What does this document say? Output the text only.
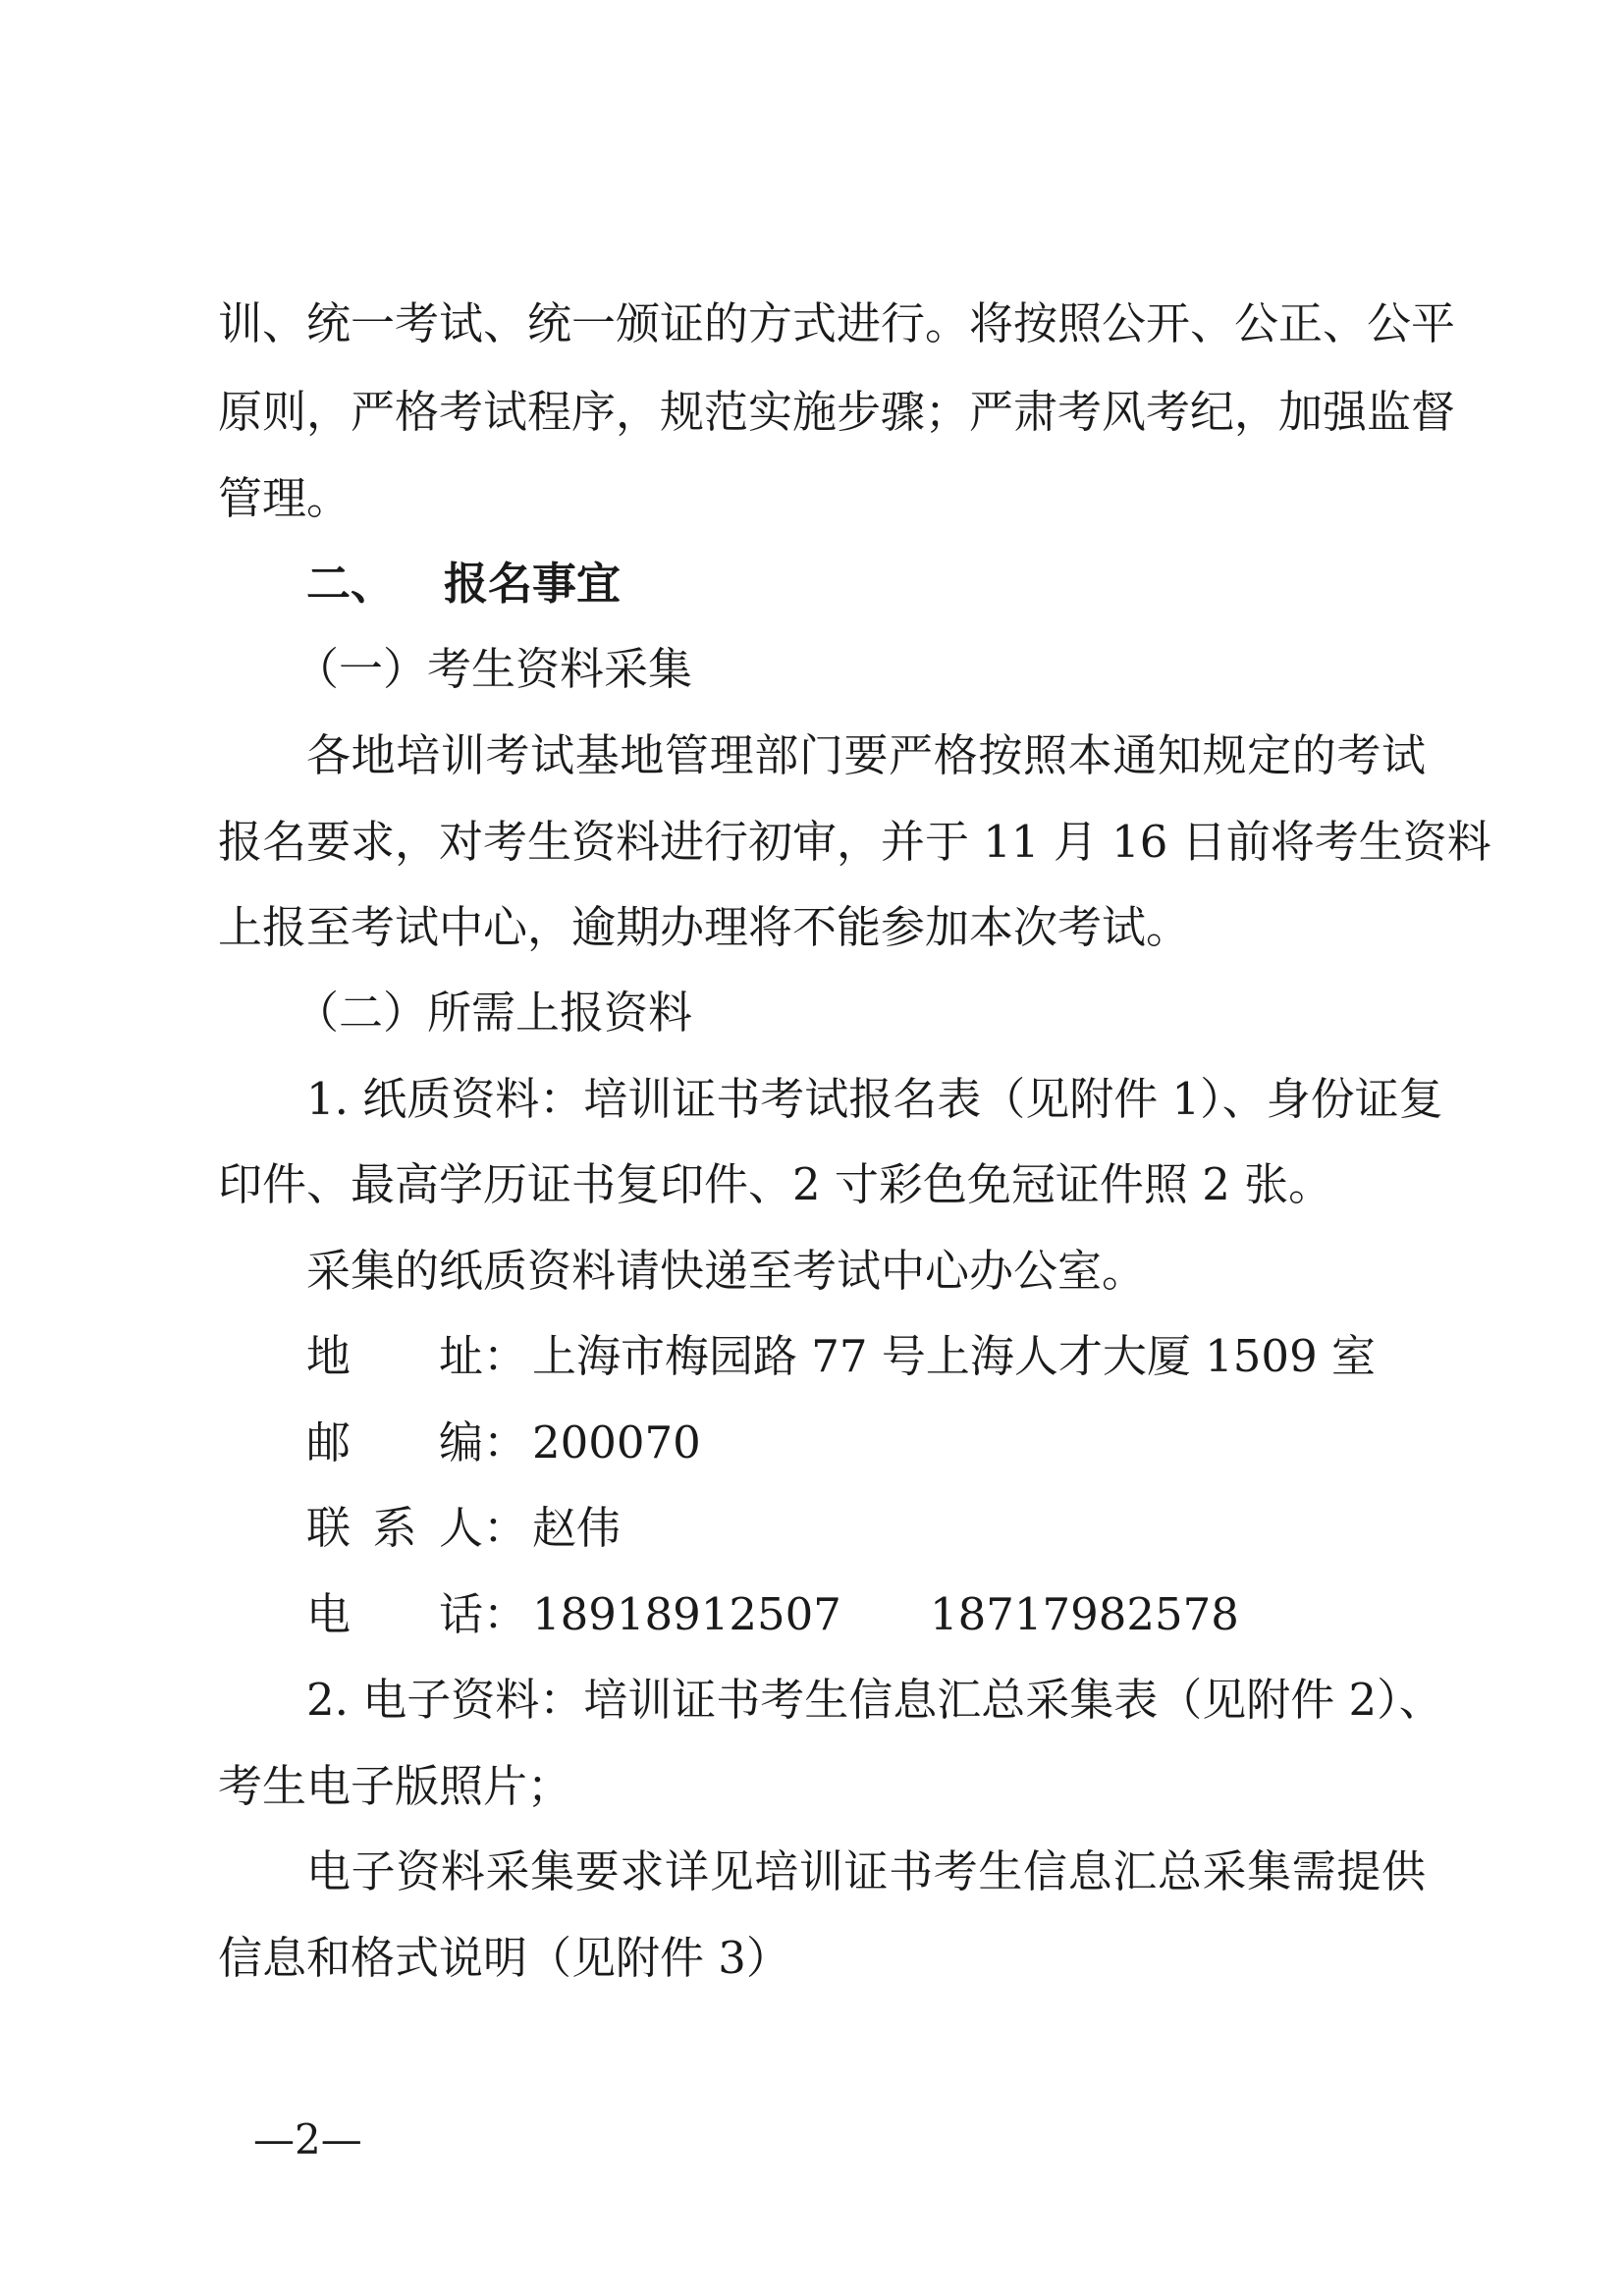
训、统一考试、统一颁证的方式进行。将按照公开、公正、公平
原则，严格考试程序，规范实施步骤；严肃考风考纪，加强监督
管理。
二、 报名事宜
（一）考生资料采集
各地培训考试基地管理部门要严格按照本通知规定的考试
报名要求，对考生资料进行初审，并于 11 月 16 日前将考生资料
上报至考试中心，逾期办理将不能参加本次考试。
（二）所需上报资料
1. 纸质资料：培训证书考试报名表（见附件 1）、身份证复
印件、最高学历证书复印件、2 寸彩色免冠证件照 2 张。
采集的纸质资料请快递至考试中心办公室。
地址： 上海市梅园路 77 号上海人才大厦 1509 室
邮编： 200070
联系人： 赵伟
电话： 18918912507 18717982578
2. 电子资料：培训证书考生信息汇总采集表（见附件 2）、
考生电子版照片；
电子资料采集要求详见培训证书考生信息汇总采集需提供
信息和格式说明（见附件 3）
—2—
